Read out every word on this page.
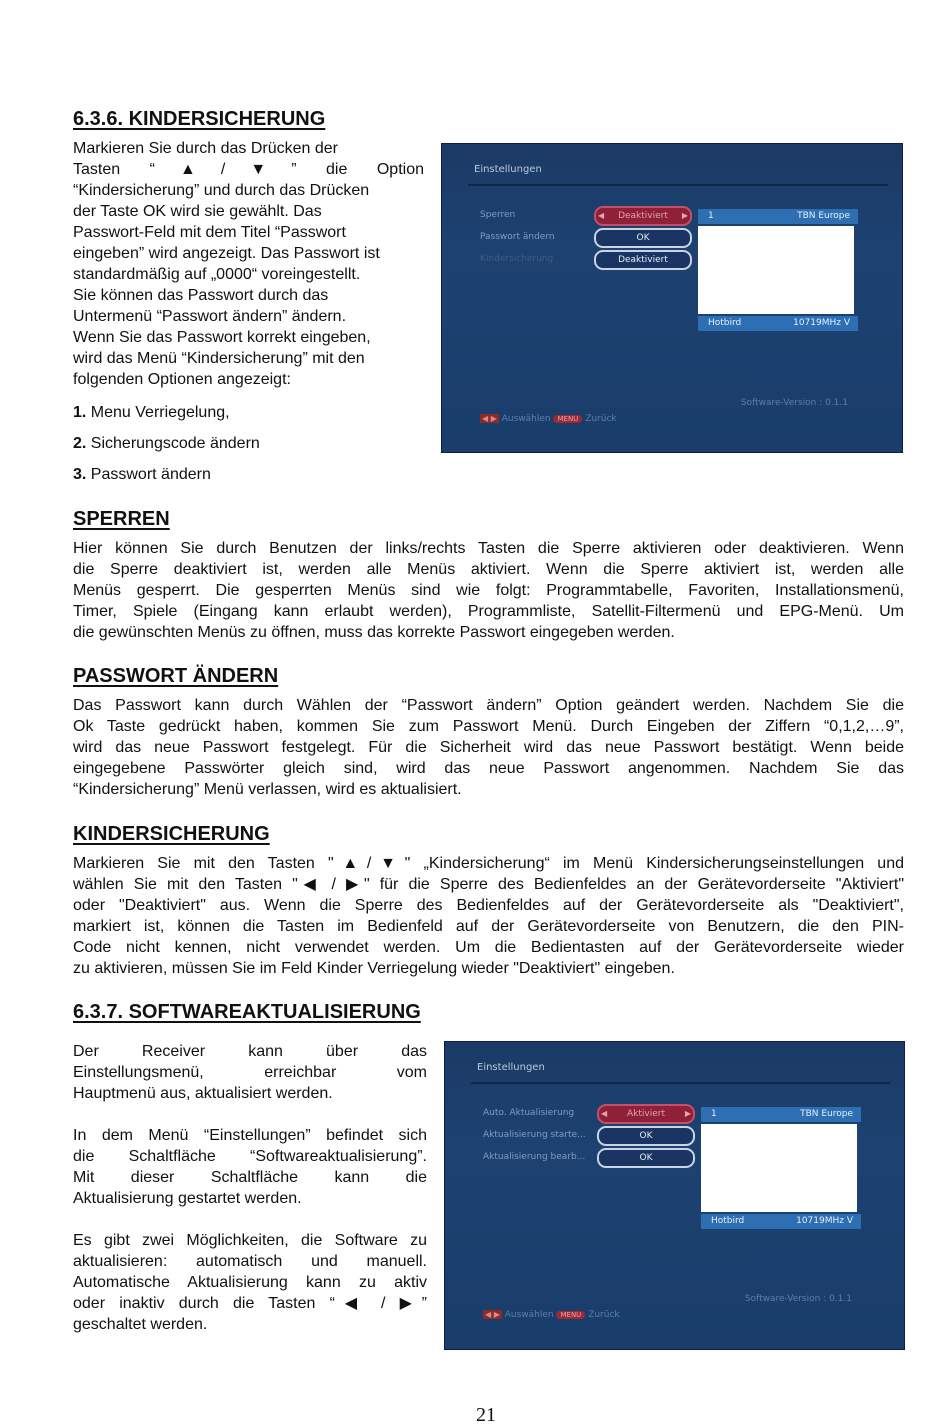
6.3.6. KINDERSICHERUNG

Markieren Sie durch das Drücken der

Tasten “▲/▼” die Option

“Kindersicherung” und durch das Drücken

der Taste OK wird sie gewählt. Das

Passwort-Feld mit dem Titel “Passwort

eingeben” wird angezeigt. Das Passwort ist

standardmäßig auf „0000“ voreingestellt.

Sie können das Passwort durch das

Untermenü “Passwort ändern” ändern.

Wenn Sie das Passwort korrekt eingeben,

wird das Menü “Kindersicherung” mit den

folgenden Optionen angezeigt:

1. Menu Verriegelung,
2. Sicherungscode ändern
3. Passwort ändern
Einstellungen
Sperren
Passwort ändern
Kindersicherung
◀ Deaktiviert ▶
OK
Deaktiviert
1	TBN Europe
Hotbird	10719MHz V
Software-Version : 0.1.1
◀ ▶ Auswählen MENU Zurück
SPERREN

Hier können Sie durch Benutzen der links/rechts Tasten die Sperre aktivieren oder deaktivieren. Wenn

die Sperre deaktiviert ist, werden alle Menüs aktiviert. Wenn die Sperre aktiviert ist, werden alle

Menüs gesperrt. Die gesperrten Menüs sind wie folgt: Programmtabelle, Favoriten, Installationsmenü,

Timer, Spiele (Eingang kann erlaubt werden), Programmliste, Satellit-Filtermenü und EPG-Menü. Um

die gewünschten Menüs zu öffnen, muss das korrekte Passwort eingegeben werden.

PASSWORT ÄNDERN

Das Passwort kann durch Wählen der “Passwort ändern” Option geändert werden. Nachdem Sie die

Ok Taste gedrückt haben, kommen Sie zum Passwort Menü. Durch Eingeben der Ziffern “0,1,2,…9”,

wird das neue Passwort festgelegt. Für die Sicherheit wird das neue Passwort bestätigt. Wenn beide

eingegebene Passwörter gleich sind, wird das neue Passwort angenommen. Nachdem Sie das

“Kindersicherung” Menü verlassen, wird es aktualisiert.

KINDERSICHERUNG

Markieren Sie mit den Tasten "▲/▼" „Kindersicherung“ im Menü Kindersicherungseinstellungen und

wählen Sie mit den Tasten "◀ / ▶" für die Sperre des Bedienfeldes an der Gerätevorderseite "Aktiviert"

oder "Deaktiviert" aus. Wenn die Sperre des Bedienfeldes auf der Gerätevorderseite als "Deaktiviert",

markiert ist, können die Tasten im Bedienfeld auf der Gerätevorderseite von Benutzern, die den PIN-

Code nicht kennen, nicht verwendet werden. Um die Bedientasten auf der Gerätevorderseite wieder

zu aktivieren, müssen Sie im Feld Kinder Verriegelung wieder "Deaktiviert" eingeben.

6.3.7. SOFTWAREAKTUALISIERUNG

Der Receiver kann über das

Einstellungsmenü, erreichbar vom

Hauptmenü aus, aktualisiert werden.

In dem Menü “Einstellungen” befindet sich

die Schaltfläche “Softwareaktualisierung”.

Mit dieser Schaltfläche kann die

Aktualisierung gestartet werden.

Es gibt zwei Möglichkeiten, die Software zu

aktualisieren: automatisch und manuell.

Automatische Aktualisierung kann zu aktiv

oder inaktiv durch die Tasten “◀ / ▶”

geschaltet werden.

Einstellungen
Auto. Aktualisierung
Aktualisierung starte...
Aktualisierung bearb...
◀ Aktiviert ▶
OK
OK
1	TBN Europe
Hotbird	10719MHz V
Software-Version : 0.1.1
◀ ▶ Auswählen MENU Zurück
21
